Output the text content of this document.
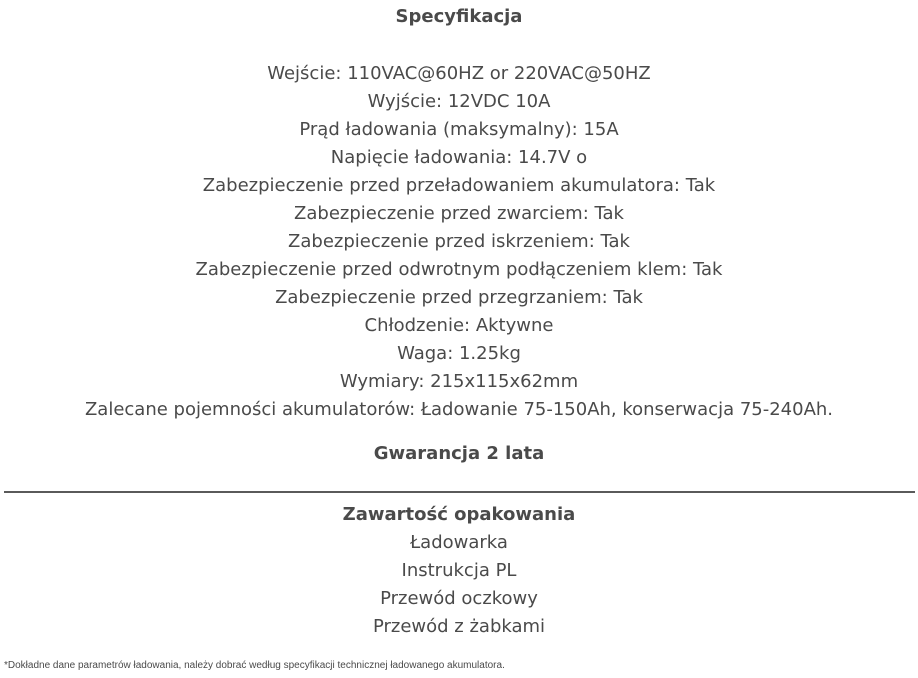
Specyfikacja
Wejście: 110VAC@60HZ or 220VAC@50HZ
Wyjście: 12VDC 10A
Prąd ładowania (maksymalny): 15A
Napięcie ładowania: 14.7V o
Zabezpieczenie przed przeładowaniem akumulatora: Tak
Zabezpieczenie przed zwarciem: Tak
Zabezpieczenie przed iskrzeniem: Tak
Zabezpieczenie przed odwrotnym podłączeniem klem: Tak
Zabezpieczenie przed przegrzaniem: Tak
Chłodzenie: Aktywne
Waga: 1.25kg
Wymiary: 215x115x62mm
Zalecane pojemności akumulatorów: Ładowanie 75-150Ah, konserwacja 75-240Ah.
Gwarancja 2 lata
Zawartość opakowania
Ładowarka
Instrukcja PL
Przewód oczkowy
Przewód z żabkami
*Dokładne dane parametrów ładowania, należy dobrać według specyfikacji technicznej ładowanego akumulatora.
